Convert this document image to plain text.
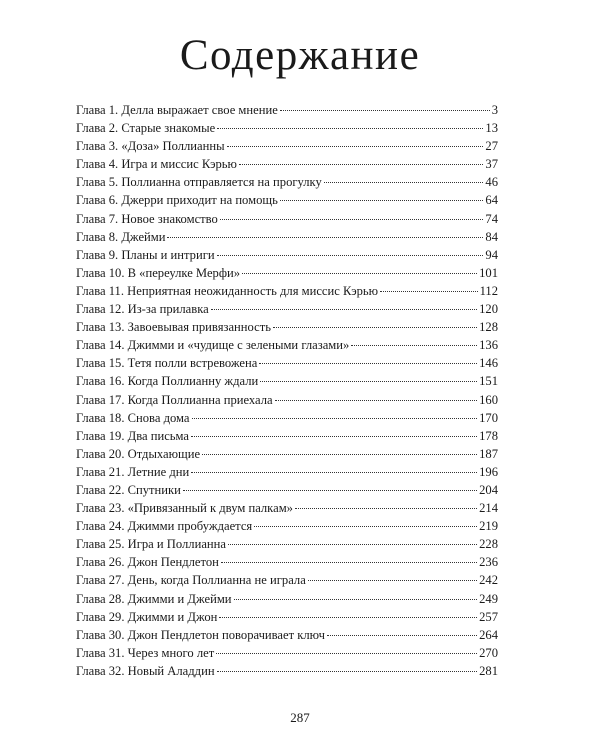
Содержание
Глава 1. Делла выражает свое мнение	3
Глава 2. Старые знакомые	13
Глава 3. «Доза» Поллианны	27
Глава 4. Игра и миссис Кэрью	37
Глава 5. Поллианна отправляется на прогулку	46
Глава 6. Джерри приходит на помощь	64
Глава 7. Новое знакомство	74
Глава 8. Джейми	84
Глава 9. Планы и интриги	94
Глава 10. В «переулке Мерфи»	101
Глава 11. Неприятная неожиданность для миссис Кэрью	112
Глава 12. Из-за прилавка	120
Глава 13. Завоевывая привязанность	128
Глава 14. Джимми и «чудище с зелеными глазами»	136
Глава 15. Тетя полли встревожена	146
Глава 16. Когда Поллианну ждали	151
Глава 17. Когда Поллианна приехала	160
Глава 18. Снова дома	170
Глава 19. Два письма	178
Глава 20. Отдыхающие	187
Глава 21. Летние дни	196
Глава 22. Спутники	204
Глава 23. «Привязанный к двум палкам»	214
Глава 24. Джимми пробуждается	219
Глава 25. Игра и Поллианна	228
Глава 26. Джон Пендлетон	236
Глава 27. День, когда Поллианна не играла	242
Глава 28. Джимми и Джейми	249
Глава 29. Джимми и Джон	257
Глава 30. Джон Пендлетон поворачивает ключ	264
Глава 31. Через много лет	270
Глава 32. Новый Аладдин	281
287
